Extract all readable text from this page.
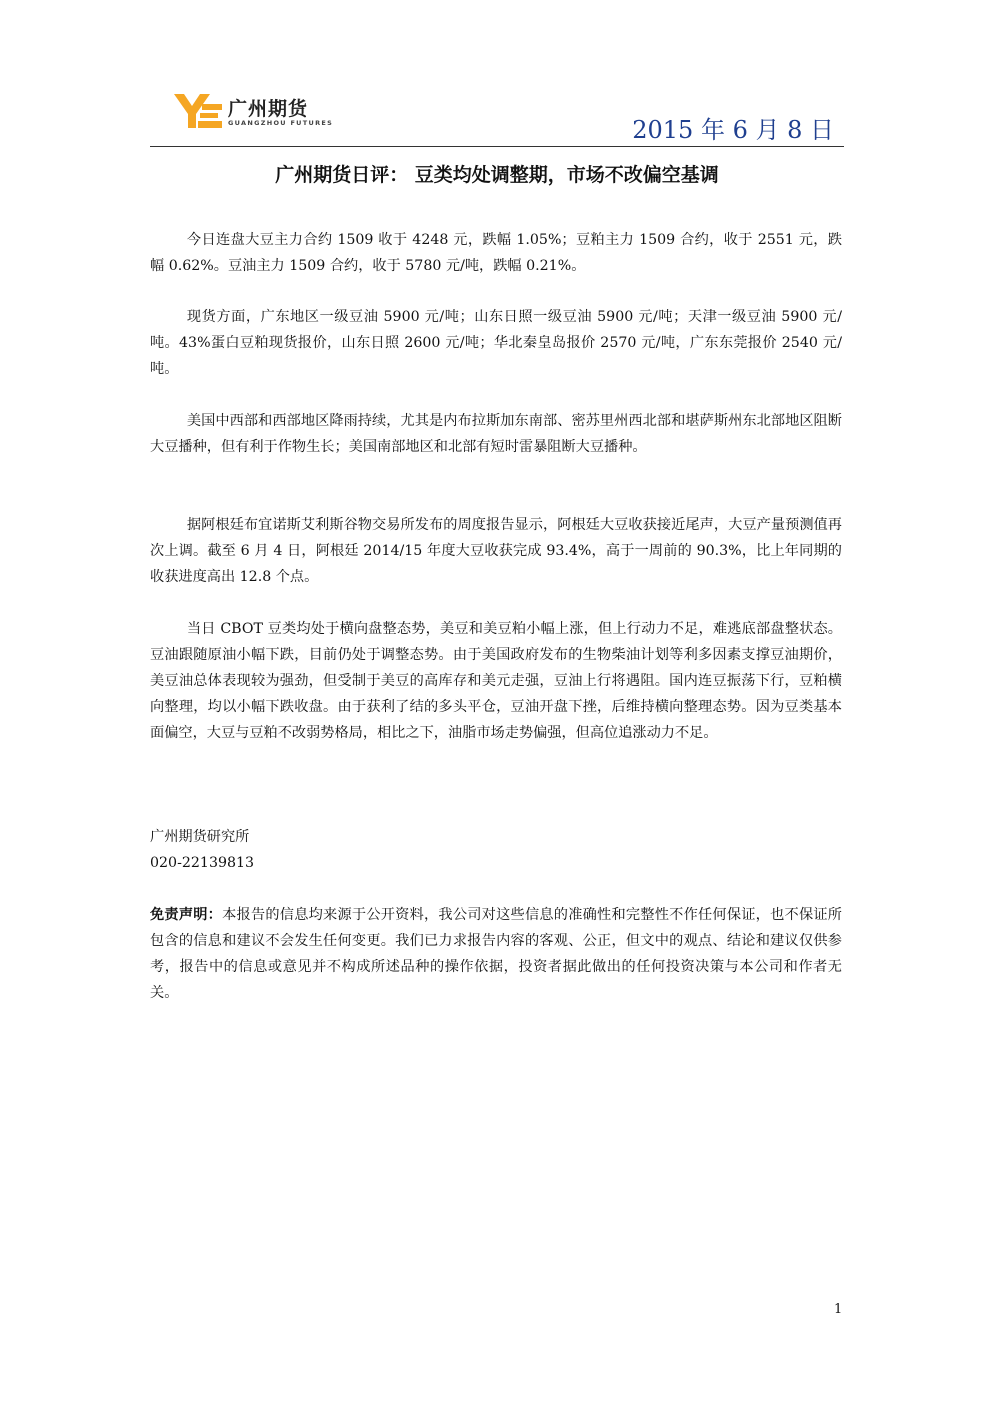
广州期货
GUANGZHOU FUTURES	2015 年 6 月 8 日
广州期货日评： 豆类均处调整期，市场不改偏空基调

今日连盘大豆主力合约 1509 收于 4248 元，跌幅 1.05%；豆粕主力 1509 合约，收于 2551 元，跌幅 0.62%。豆油主力 1509 合约，收于 5780 元/吨，跌幅 0.21%。

现货方面，广东地区一级豆油 5900 元/吨；山东日照一级豆油 5900 元/吨；天津一级豆油 5900 元/吨。43%蛋白豆粕现货报价，山东日照 2600 元/吨；华北秦皇岛报价 2570 元/吨，广东东莞报价 2540 元/吨。

美国中西部和西部地区降雨持续，尤其是内布拉斯加东南部、密苏里州西北部和堪萨斯州东北部地区阻断大豆播种，但有利于作物生长；美国南部地区和北部有短时雷暴阻断大豆播种。

据阿根廷布宜诺斯艾利斯谷物交易所发布的周度报告显示，阿根廷大豆收获接近尾声，大豆产量预测值再次上调。截至 6 月 4 日，阿根廷 2014/15 年度大豆收获完成 93.4%，高于一周前的 90.3%，比上年同期的收获进度高出 12.8 个点。

当日 CBOT 豆类均处于横向盘整态势，美豆和美豆粕小幅上涨，但上行动力不足，难逃底部盘整状态。豆油跟随原油小幅下跌，目前仍处于调整态势。由于美国政府发布的生物柴油计划等利多因素支撑豆油期价，美豆油总体表现较为强劲，但受制于美豆的高库存和美元走强，豆油上行将遇阻。国内连豆振荡下行，豆粕横向整理，均以小幅下跌收盘。由于获利了结的多头平仓，豆油开盘下挫，后维持横向整理态势。因为豆类基本面偏空，大豆与豆粕不改弱势格局，相比之下，油脂市场走势偏强，但高位追涨动力不足。

广州期货研究所
020-22139813

免责声明：本报告的信息均来源于公开资料，我公司对这些信息的准确性和完整性不作任何保证，也不保证所包含的信息和建议不会发生任何变更。我们已力求报告内容的客观、公正，但文中的观点、结论和建议仅供参考，报告中的信息或意见并不构成所述品种的操作依据，投资者据此做出的任何投资决策与本公司和作者无关。

1
